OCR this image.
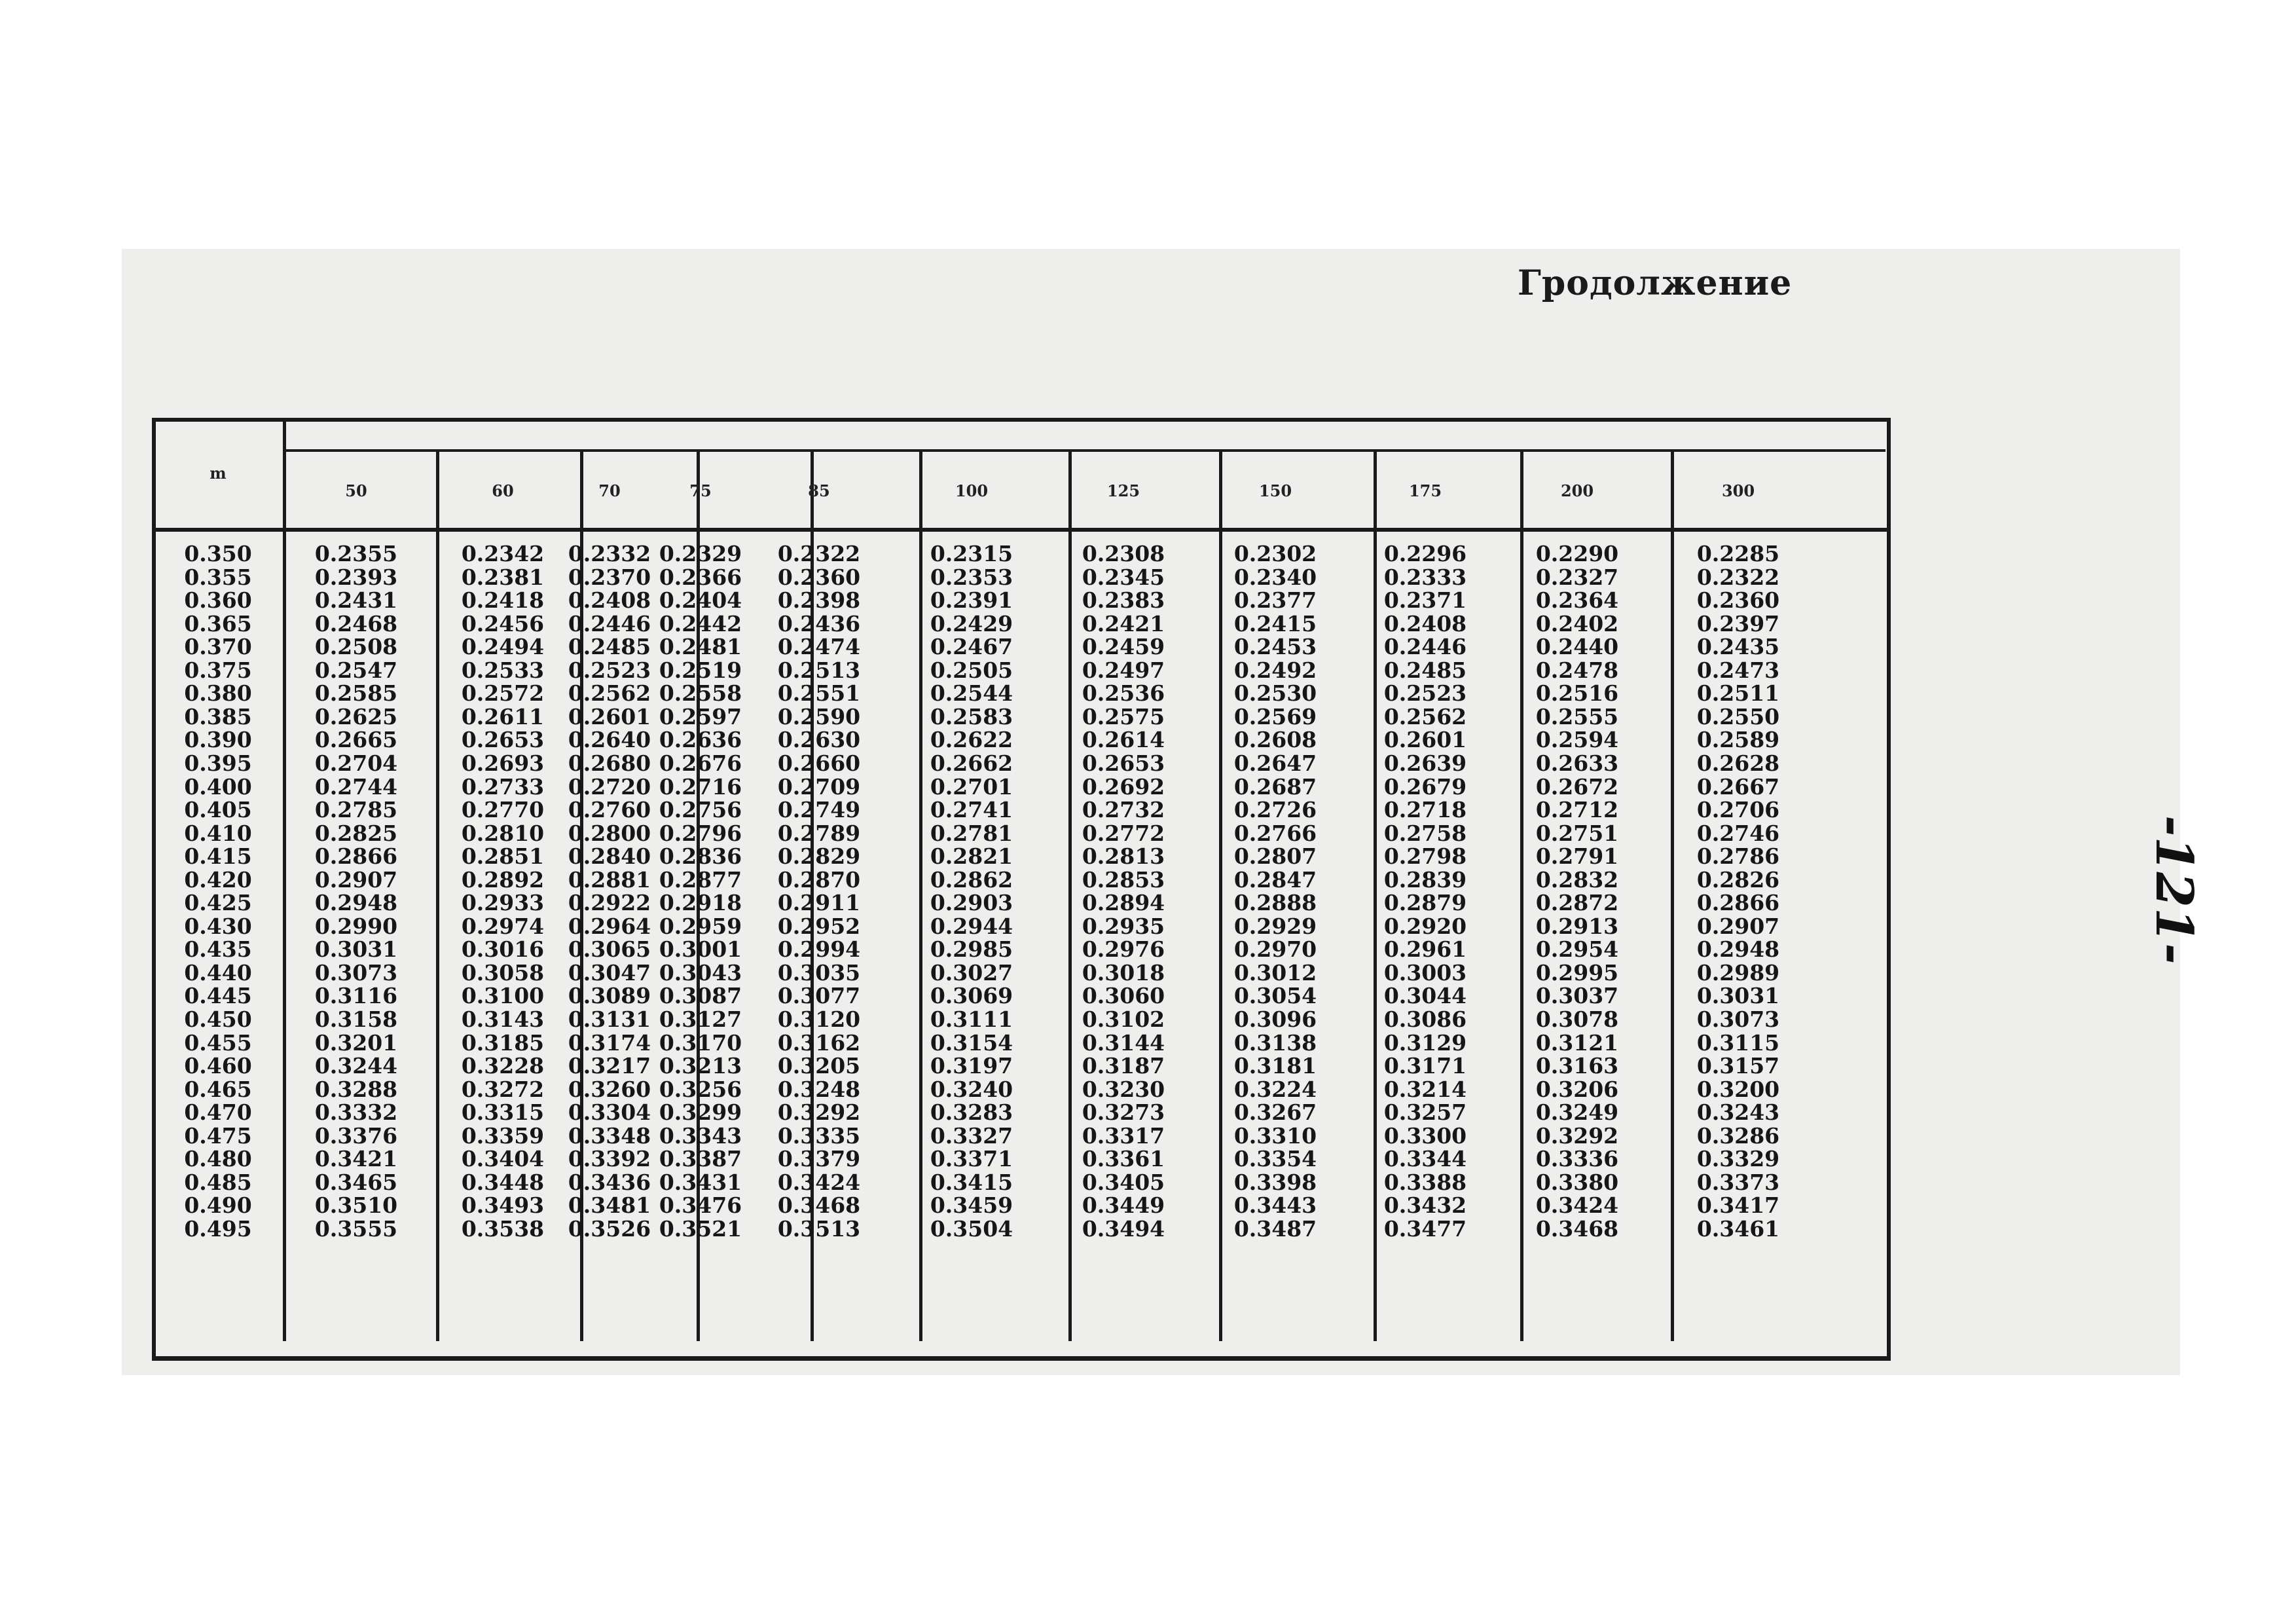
Гродолжение
-121-
m
50	60	70	75	85	100	125	150	175	200	300
0.350	0.2355	0.2342	0.2332 0.2329	0.2322	0.2315	0.2308	0.2302	0.2296	0.2290	0.2285
0.355	0.2393	0.2381	0.2370 0.2366	0.2360	0.2353	0.2345	0.2340	0.2333	0.2327	0.2322
0.360	0.2431	0.2418	0.2408 0.2404	0.2398	0.2391	0.2383	0.2377	0.2371	0.2364	0.2360
0.365	0.2468	0.2456	0.2446 0.2442	0.2436	0.2429	0.2421	0.2415	0.2408	0.2402	0.2397
0.370	0.2508	0.2494	0.2485 0.2481	0.2474	0.2467	0.2459	0.2453	0.2446	0.2440	0.2435
0.375	0.2547	0.2533	0.2523 0.2519	0.2513	0.2505	0.2497	0.2492	0.2485	0.2478	0.2473
0.380	0.2585	0.2572	0.2562 0.2558	0.2551	0.2544	0.2536	0.2530	0.2523	0.2516	0.2511
0.385	0.2625	0.2611	0.2601 0.2597	0.2590	0.2583	0.2575	0.2569	0.2562	0.2555	0.2550
0.390	0.2665	0.2653	0.2640 0.2636	0.2630	0.2622	0.2614	0.2608	0.2601	0.2594	0.2589
0.395	0.2704	0.2693	0.2680 0.2676	0.2660	0.2662	0.2653	0.2647	0.2639	0.2633	0.2628
0.400	0.2744	0.2733	0.2720 0.2716	0.2709	0.2701	0.2692	0.2687	0.2679	0.2672	0.2667
0.405	0.2785	0.2770	0.2760 0.2756	0.2749	0.2741	0.2732	0.2726	0.2718	0.2712	0.2706
0.410	0.2825	0.2810	0.2800 0.2796	0.2789	0.2781	0.2772	0.2766	0.2758	0.2751	0.2746
0.415	0.2866	0.2851	0.2840 0.2836	0.2829	0.2821	0.2813	0.2807	0.2798	0.2791	0.2786
0.420	0.2907	0.2892	0.2881 0.2877	0.2870	0.2862	0.2853	0.2847	0.2839	0.2832	0.2826
0.425	0.2948	0.2933	0.2922 0.2918	0.2911	0.2903	0.2894	0.2888	0.2879	0.2872	0.2866
0.430	0.2990	0.2974	0.2964 0.2959	0.2952	0.2944	0.2935	0.2929	0.2920	0.2913	0.2907
0.435	0.3031	0.3016	0.3065 0.3001	0.2994	0.2985	0.2976	0.2970	0.2961	0.2954	0.2948
0.440	0.3073	0.3058	0.3047 0.3043	0.3035	0.3027	0.3018	0.3012	0.3003	0.2995	0.2989
0.445	0.3116	0.3100	0.3089 0.3087	0.3077	0.3069	0.3060	0.3054	0.3044	0.3037	0.3031
0.450	0.3158	0.3143	0.3131 0.3127	0.3120	0.3111	0.3102	0.3096	0.3086	0.3078	0.3073
0.455	0.3201	0.3185	0.3174 0.3170	0.3162	0.3154	0.3144	0.3138	0.3129	0.3121	0.3115
0.460	0.3244	0.3228	0.3217 0.3213	0.3205	0.3197	0.3187	0.3181	0.3171	0.3163	0.3157
0.465	0.3288	0.3272	0.3260 0.3256	0.3248	0.3240	0.3230	0.3224	0.3214	0.3206	0.3200
0.470	0.3332	0.3315	0.3304 0.3299	0.3292	0.3283	0.3273	0.3267	0.3257	0.3249	0.3243
0.475	0.3376	0.3359	0.3348 0.3343	0.3335	0.3327	0.3317	0.3310	0.3300	0.3292	0.3286
0.480	0.3421	0.3404	0.3392 0.3387	0.3379	0.3371	0.3361	0.3354	0.3344	0.3336	0.3329
0.485	0.3465	0.3448	0.3436 0.3431	0.3424	0.3415	0.3405	0.3398	0.3388	0.3380	0.3373
0.490	0.3510	0.3493	0.3481 0.3476	0.3468	0.3459	0.3449	0.3443	0.3432	0.3424	0.3417
0.495	0.3555	0.3538	0.3526 0.3521	0.3513	0.3504	0.3494	0.3487	0.3477	0.3468	0.3461
